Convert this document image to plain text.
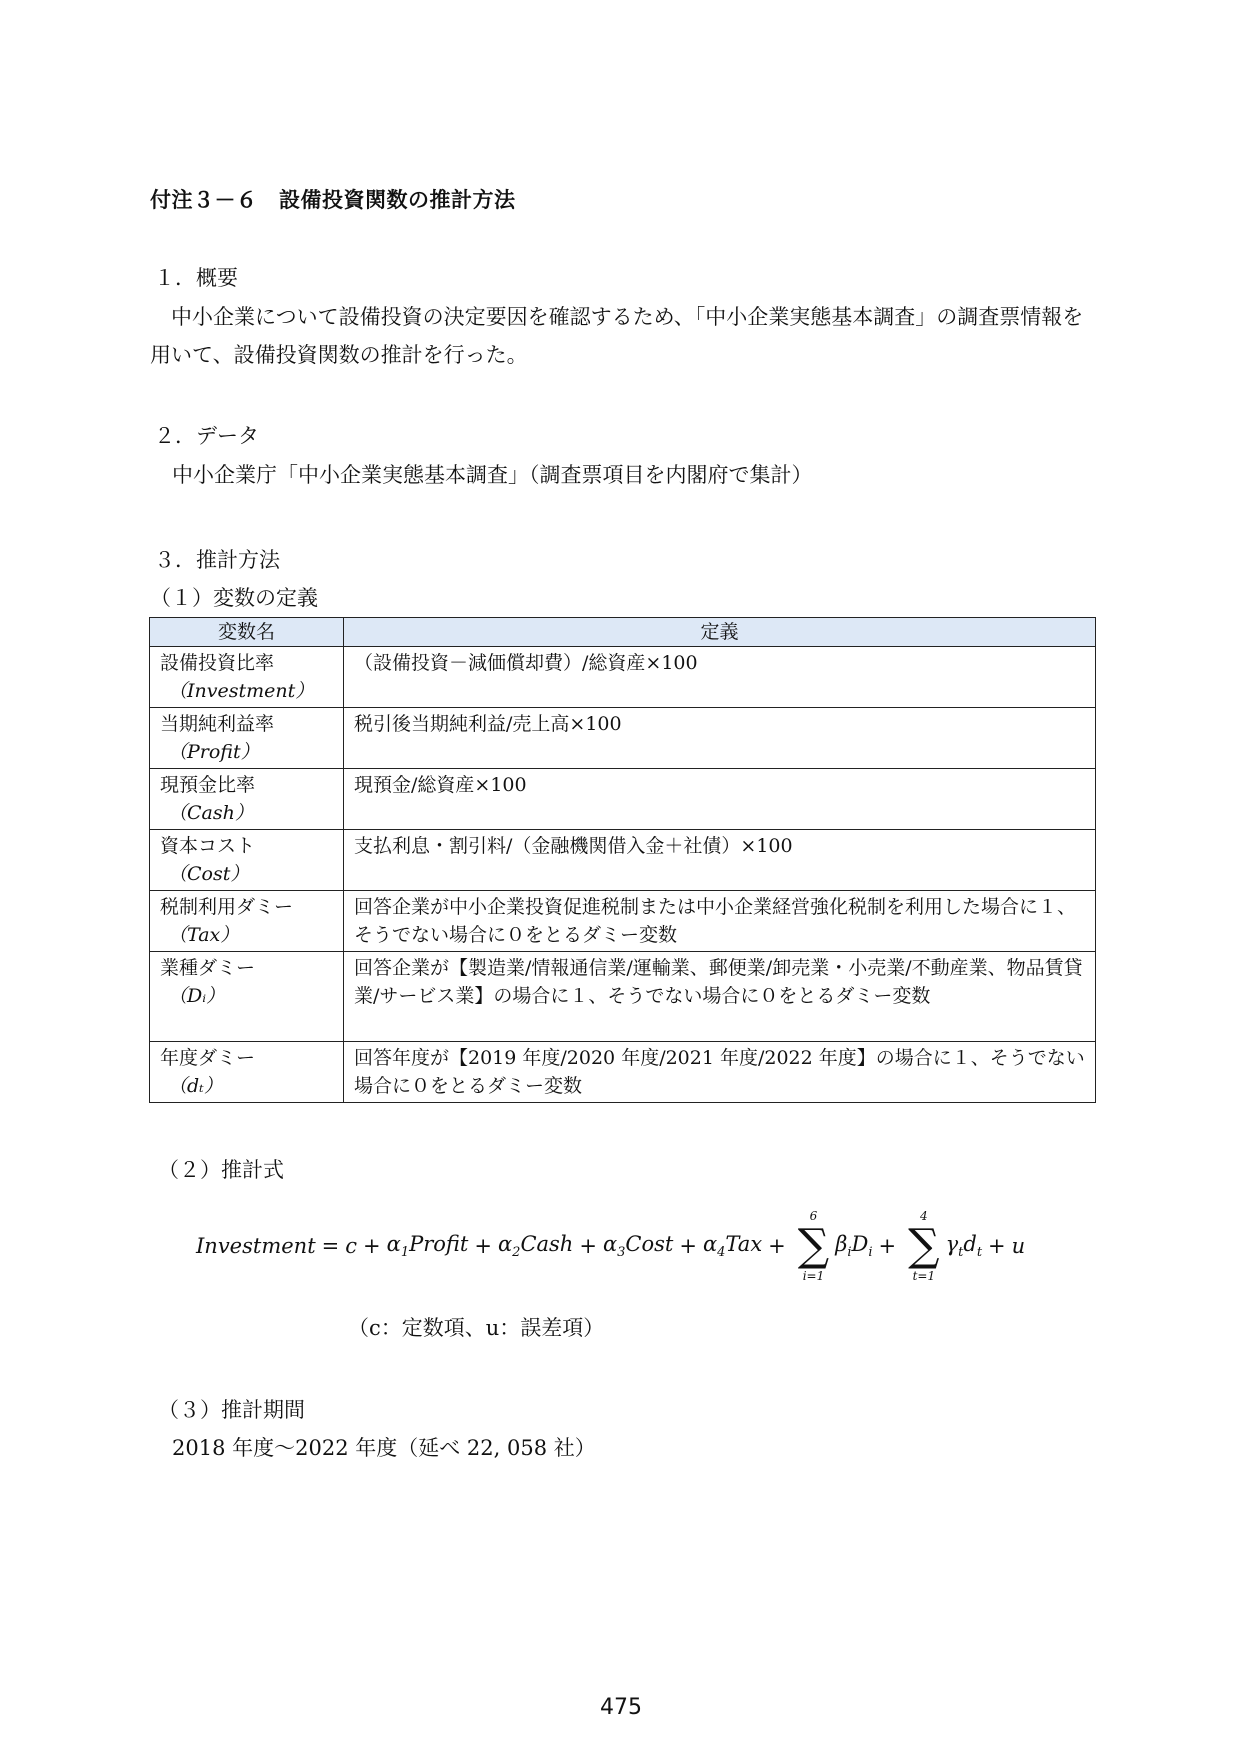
付注３－６　設備投資関数の推計方法
１．概要
中小企業について設備投資の決定要因を確認するため、「中小企業実態基本調査」の調査票情報を用いて、設備投資関数の推計を行った。
２．データ
中小企業庁「中小企業実態基本調査」（調査票項目を内閣府で集計）
３．推計方法
（１）変数の定義
変数名	定義

設備投資比率
（Investment）	（設備投資－減価償却費）/総資産×100

当期純利益率
（Profit）	税引後当期純利益/売上高×100

現預金比率
（Cash）	現預金/総資産×100

資本コスト
（Cost）	支払利息・割引料/（金融機関借入金＋社債）×100

税制利用ダミー
（Tax）	回答企業が中小企業投資促進税制または中小企業経営強化税制を利用した場合に１、そうでない場合に０をとるダミー変数

業種ダミー
（Dᵢ）	回答企業が【製造業/情報通信業/運輸業、郵便業/卸売業・小売業/不動産業、物品賃貸業/サービス業】の場合に１、そうでない場合に０をとるダミー変数

年度ダミー
（dₜ）	回答年度が【2019 年度/2020 年度/2021 年度/2022 年度】の場合に１、そうでない場合に０をとるダミー変数
（２）推計式
Investment = $c + \alpha_1Profit$ + $\alpha_2Cash$ + $\alpha_3Cost + \alpha_4Tax$ +
6
∑
i=1
$\beta_iD_i$ +
4
∑
t=1
$\gamma_td_t + u$
（c：定数項、u：誤差項）
（３）推計期間
2018 年度～2022 年度（延べ 22, 058 社）
475
